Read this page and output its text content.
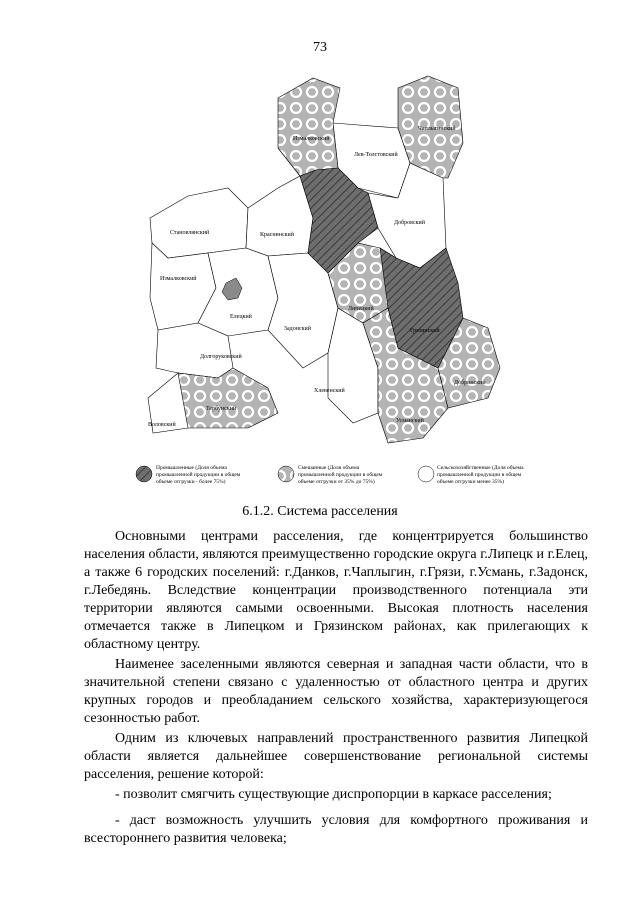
73
Измалковский
Лев-Толстовский
Чаплыгинский
Становлянский	Краснинский
Добровский
Измалковский
Липецкий
Елецкий
Задонский	Грязинский
Долгоруковский
Хлевенский
Усманский
Добринский
Тербунский
Воловский
Промышленные (Доля объема
промышленной продукции в общем
объеме отгрузки - более 75%)
Смешанные (Доля объема
промышленной продукции в общем
объеме отгрузки от 35% до 75%)
Сельскохозяйственные (Доля объема
промышленной продукции в общем
объеме отгрузки менее 35%)
6.1.2. Система расселения

Основными центрами расселения, где концентрируется большинство населения области, являются преимущественно городские округа г.Липецк и г.Елец, а также 6 городских поселений: г.Данков, г.Чаплыгин, г.Грязи, г.Усмань, г.Задонск, г.Лебедянь. Вследствие концентрации производственного потенциала эти территории являются самыми освоенными. Высокая плотность населения отмечается также в Липецком и Грязинском районах, как прилегающих к областному центру.

Наименее заселенными являются северная и западная части области, что в значительной степени связано с удаленностью от областного центра и других крупных городов и преобладанием сельского хозяйства, характеризующегося сезонностью работ.

Одним из ключевых направлений пространственного развития Липецкой области является дальнейшее совершенствование региональной системы расселения, решение которой:

- позволит смягчить существующие диспропорции в каркасе расселения;

- даст возможность улучшить условия для комфортного проживания и всестороннего развития человека;
